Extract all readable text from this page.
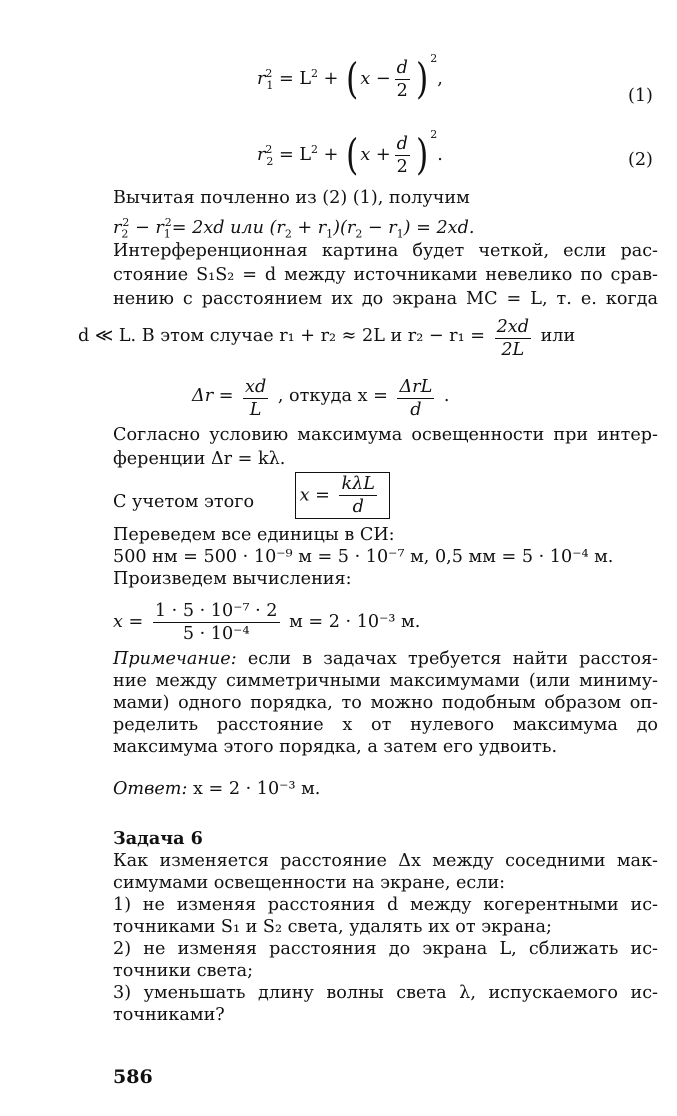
$r^2_1 = L^2$ + ( $x - \frac{d}{2}$ ) $^2$,
(1)
$r^2_2 = L^2$ + ( $x + \frac{d}{2}$ ) $^2$.	(2)
Вычитая почленно из (2) (1), получим
$r_2^2 - r_1^2= 2xd$ или $(r_2 + r_1)(r_2 - r_1) = 2xd$.
Интерференционная картина будет четкой, если рас-
стояние S₁S₂ = d между источниками невелико по срав-
нению с расстоянием их до экрана MC = L, т. е. когда
d ≪ L. В этом случае r₁ + r₂ ≈ 2L и $r_2 - r_1 = \frac{2xd}{2L}$ или
$\Delta r = \frac{xd}{L}$ , откуда $x = \frac{\text{ΔrL}}{d}$ .
Согласно условию максимума освещенности при интер-
ференции Δr = kλ.
С учетом этого	$x = \frac{\text{kλL}}{d}$
Переведем все единицы в СИ:
500 нм = 500 · 10⁻⁹ м = 5 · 10⁻⁷ м, 0,5 мм = 5 · 10⁻⁴ м.
Произведем вычисления:
$x = \frac{\text{1 · 5 · 10⁻⁷ · 2}}{\text{5 · 10⁻⁴}}$ м = 2 · 10⁻³ м.
Примечание: если в задачах требуется найти расстоя-
ние между симметричными максимумами (или миниму-
мами) одного порядка, то можно подобным образом оп-
ределить расстояние x от нулевого максимума до
максимума этого порядка, а затем его удвоить.
Ответ: x = 2 · 10⁻³ м.
Задача 6
Как изменяется расстояние Δx между соседними мак-
симумами освещенности на экране, если:
1) не изменяя расстояния d между когерентными ис-
точниками S₁ и S₂ света, удалять их от экрана;
2) не изменяя расстояния до экрана L, сближать ис-
точники света;
3) уменьшать длину волны света λ, испускаемого ис-
точниками?
586
